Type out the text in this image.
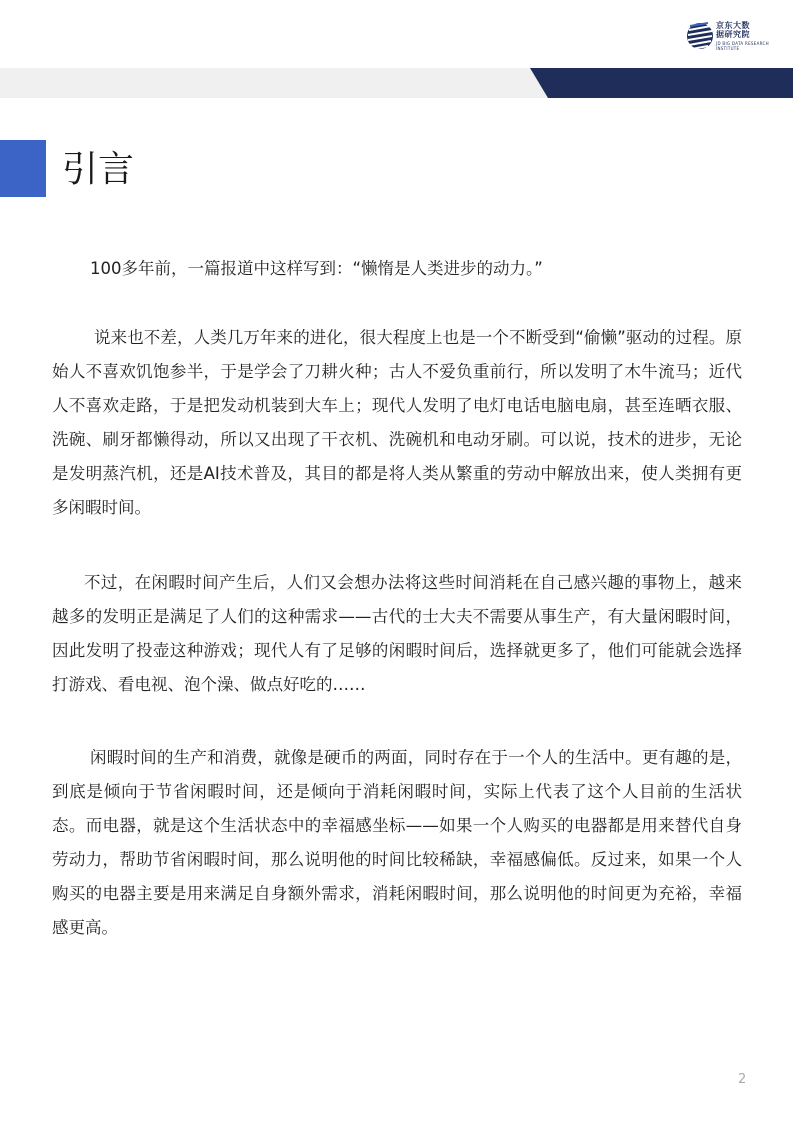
京东大数据研究院
JD BIG DATA RESEARCH INSTITUTE
引言

100多年前，一篇报道中这样写到：“懒惰是人类进步的动力。”

说来也不差，人类几万年来的进化，很大程度上也是一个不断受到“偷懒”驱动的过程。原始人不喜欢饥饱参半，于是学会了刀耕火种；古人不爱负重前行，所以发明了木牛流马；近代人不喜欢走路，于是把发动机装到大车上；现代人发明了电灯电话电脑电扇，甚至连晒衣服、洗碗、刷牙都懒得动，所以又出现了干衣机、洗碗机和电动牙刷。可以说，技术的进步，无论是发明蒸汽机，还是AI技术普及，其目的都是将人类从繁重的劳动中解放出来，使人类拥有更多闲暇时间。

不过，在闲暇时间产生后，人们又会想办法将这些时间消耗在自己感兴趣的事物上，越来越多的发明正是满足了人们的这种需求——古代的士大夫不需要从事生产，有大量闲暇时间，因此发明了投壶这种游戏；现代人有了足够的闲暇时间后，选择就更多了，他们可能就会选择打游戏、看电视、泡个澡、做点好吃的……

闲暇时间的生产和消费，就像是硬币的两面，同时存在于一个人的生活中。更有趣的是，到底是倾向于节省闲暇时间，还是倾向于消耗闲暇时间，实际上代表了这个人目前的生活状态。而电器，就是这个生活状态中的幸福感坐标——如果一个人购买的电器都是用来替代自身劳动力，帮助节省闲暇时间，那么说明他的时间比较稀缺，幸福感偏低。反过来，如果一个人购买的电器主要是用来满足自身额外需求，消耗闲暇时间，那么说明他的时间更为充裕，幸福感更高。

2
